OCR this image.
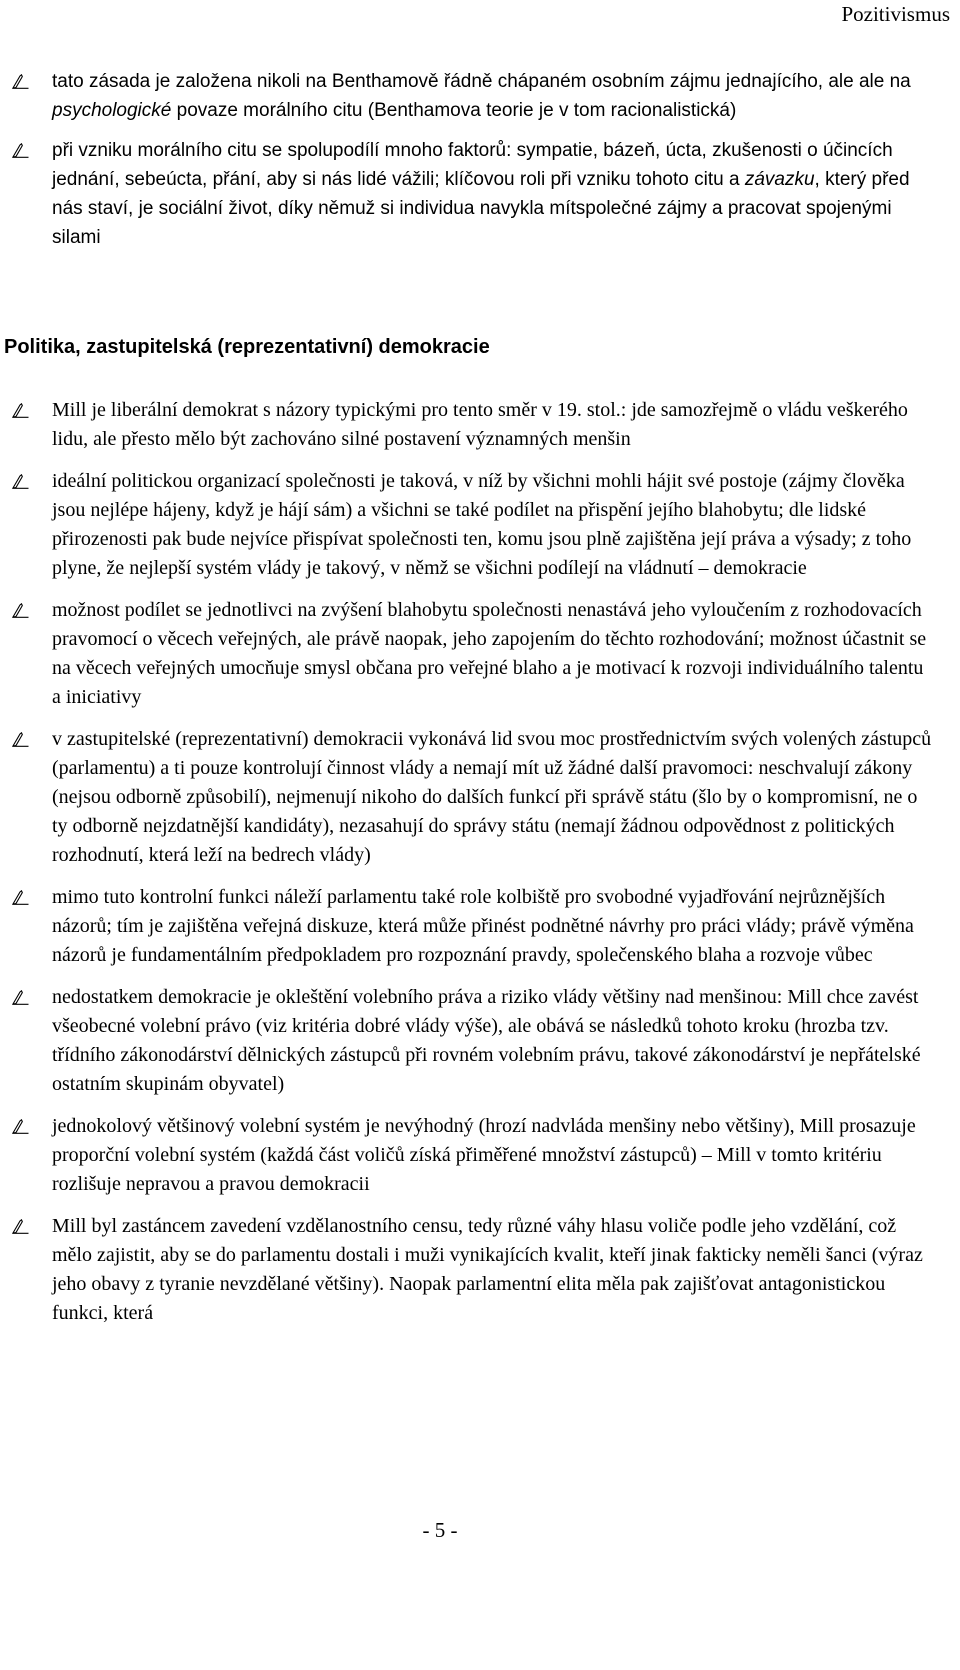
Pozitivismus
tato zásada je založena nikoli na Benthamově řádně chápaném osobním zájmu jednajícího, ale ale na psychologické povaze morálního citu (Benthamova teorie je v tom racionalistická)
při vzniku morálního citu se spolupodílí mnoho faktorů: sympatie, bázeň, úcta, zkušenosti o účincích jednání, sebeúcta, přání, aby si nás lidé vážili; klíčovou roli při vzniku tohoto citu a závazku, který před nás staví, je sociální život, díky němuž si individua navykla mítspolečné zájmy a pracovat spojenými silami
Politika, zastupitelská (reprezentativní) demokracie
Mill je liberální demokrat s názory typickými pro tento směr v 19. stol.: jde samozřejmě o vládu veškerého lidu, ale přesto mělo být zachováno silné postavení významných menšin
ideální politickou organizací společnosti je taková, v níž by všichni mohli hájit své postoje (zájmy člověka jsou nejlépe hájeny, když je hájí sám) a všichni se také podílet na přispění jejího blahobytu; dle lidské přirozenosti pak bude nejvíce přispívat společnosti ten, komu jsou plně zajištěna její práva a výsady; z toho plyne, že nejlepší systém vlády je takový, v němž se všichni podílejí na vládnutí – demokracie
možnost podílet se jednotlivci na zvýšení blahobytu společnosti nenastává jeho vyloučením z rozhodovacích pravomocí o věcech veřejných, ale právě naopak, jeho zapojením do těchto rozhodování; možnost účastnit se na věcech veřejných umocňuje smysl občana pro veřejné blaho a je motivací k rozvoji individuálního talentu a iniciativy
v zastupitelské (reprezentativní) demokracii vykonává lid svou moc prostřednictvím svých volených zástupců (parlamentu) a ti pouze kontrolují činnost vlády a nemají mít už žádné další pravomoci: neschvalují zákony (nejsou odborně způsobilí), nejmenují nikoho do dalších funkcí při správě státu (šlo by o kompromisní, ne o ty odborně nejzdatnější kandidáty), nezasahují do správy státu (nemají žádnou odpovědnost z politických rozhodnutí, která leží na bedrech vlády)
mimo tuto kontrolní funkci náleží parlamentu také role kolbiště pro svobodné vyjadřování nejrůznějších názorů; tím je zajištěna veřejná diskuze, která může přinést podnětné návrhy pro práci vlády; právě výměna názorů je fundamentálním předpokladem pro rozpoznání pravdy, společenského blaha a rozvoje vůbec
nedostatkem demokracie je okleštění volebního práva a riziko vlády většiny nad menšinou: Mill chce zavést všeobecné volební právo (viz kritéria dobré vlády výše), ale obává se následků tohoto kroku (hrozba tzv. třídního zákonodárství dělnických zástupců při rovném volebním právu, takové zákonodárství je nepřátelské ostatním skupinám obyvatel)
jednokolový většinový volební systém je nevýhodný (hrozí nadvláda menšiny nebo většiny), Mill prosazuje proporční volební systém (každá část voličů získá přiměřené množství zástupců) – Mill v tomto kritériu rozlišuje nepravou a pravou demokracii
Mill byl zastáncem zavedení vzdělanostního censu, tedy různé váhy hlasu voliče podle jeho vzdělání, což mělo zajistit, aby se do parlamentu dostali i muži vynikajících kvalit, kteří jinak fakticky neměli šanci (výraz jeho obavy z tyranie nevzdělané většiny). Naopak parlamentní elita měla pak zajišťovat antagonistickou funkci, která
- 5 -
